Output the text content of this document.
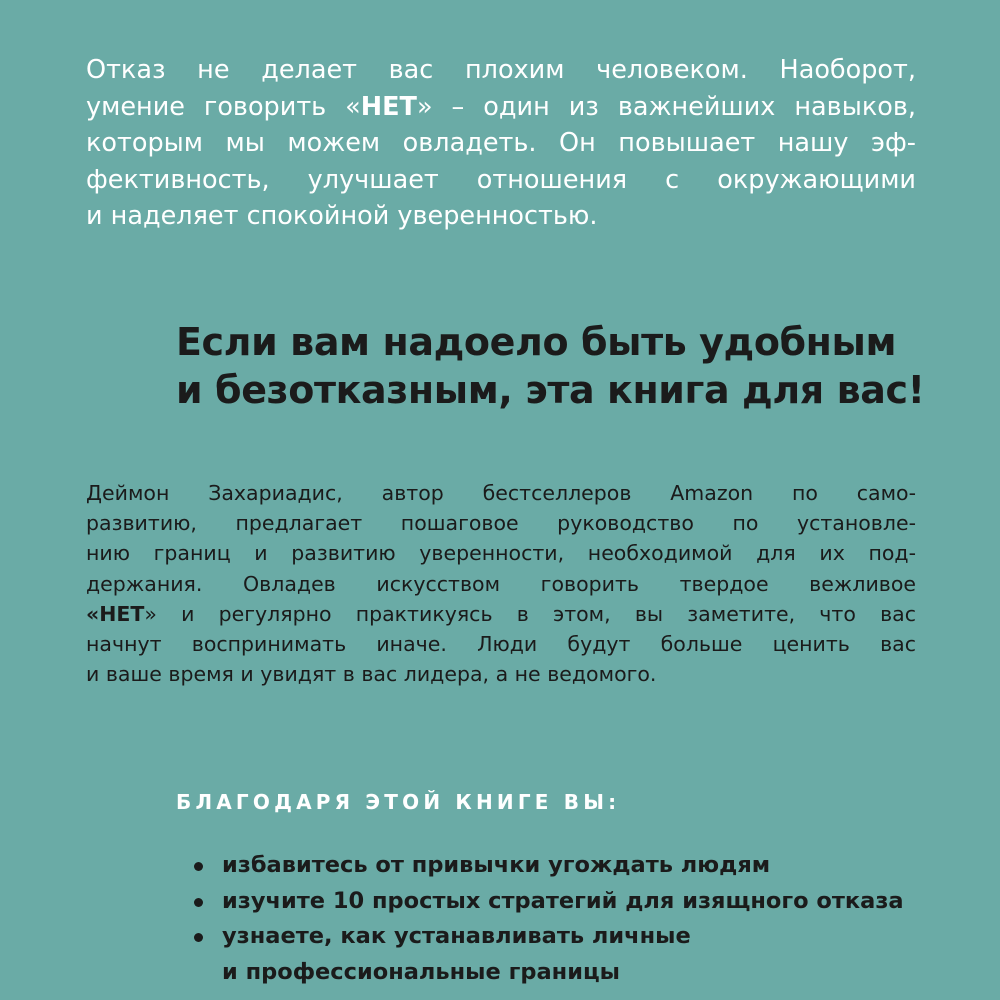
Отказ не делает вас плохим человеком. Наоборот,
умение говорить «НЕТ» – один из важнейших навыков,
которым мы можем овладеть. Он повышает нашу эф-
фективность, улучшает отношения с окружающими
и наделяет спокойной уверенностью.
Если вам надоело быть удобным
и безотказным, эта книга для вас!
Деймон Захариадис, автор бестселлеров Amazon по само-
развитию, предлагает пошаговое руководство по установле-
нию границ и развитию уверенности, необходимой для их под-
держания. Овладев искусством говорить твердое вежливое
«НЕТ» и регулярно практикуясь в этом, вы заметите, что вас
начнут воспринимать иначе. Люди будут больше ценить вас
и ваше время и увидят в вас лидера, а не ведомого.
БЛАГОДАРЯ ЭТОЙ КНИГЕ ВЫ:
избавитесь от привычки угождать людям
изучите 10 простых стратегий для изящного отказа
узнаете, как устанавливать личные
и профессиональные границы
